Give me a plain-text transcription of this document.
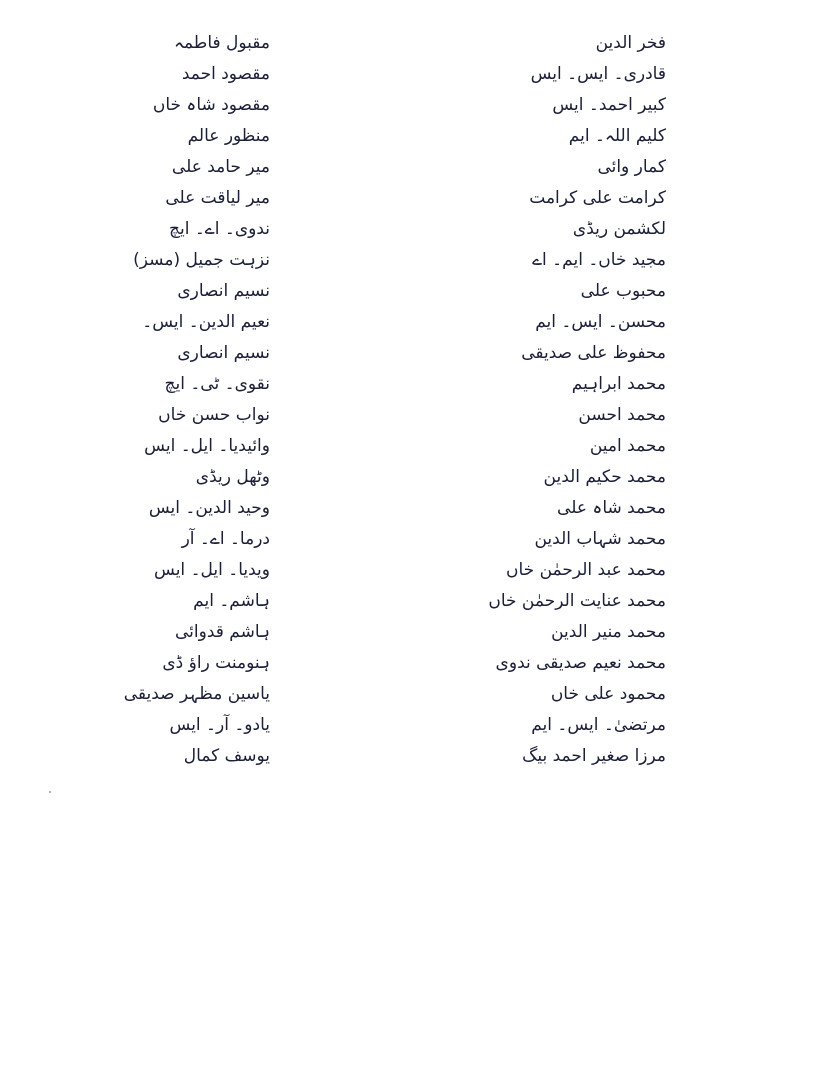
مقبول فاطمہ
مقصود احمد
مقصود شاہ خاں
منظور عالم
میر حامد علی
میر لیاقت علی
ندوی۔ اے۔ ایچ
نزہت جمیل (مسز)
نسیم انصاری
نعیم الدین۔ ایس۔
نسیم انصاری
نقوی۔ ٹی۔ ایچ
نواب حسن خاں
وائیدیا۔ ایل۔ ایس
وٹھل ریڈی
وحید الدین۔ ایس
درما۔ اے۔ آر
ویدیا۔ ایل۔ ایس
ہاشم۔ ایم
ہاشم قدوائی
ہنومنت راؤ ڈی
یاسین مظہر صدیقی
یادو۔ آر۔ ایس
یوسف کمال
فخر الدین
قادری۔ ایس۔ ایس
کبیر احمد۔ ایس
کلیم اللہ۔ ایم
کمار وائی
کرامت علی کرامت
لکشمن ریڈی
مجید خاں۔ ایم۔ اے
محبوب علی
محسن۔ ایس۔ ایم
محفوظ علی صدیقی
محمد ابراہیم
محمد احسن
محمد امین
محمد حکیم الدین
محمد شاہ علی
محمد شہاب الدین
محمد عبد الرحمٰن خاں
محمد عنایت الرحمٰن خاں
محمد منیر الدین
محمد نعیم صدیقی ندوی
محمود علی خاں
مرتضیٰ۔ ایس۔ ایم
مرزا صغیر احمد بیگ
